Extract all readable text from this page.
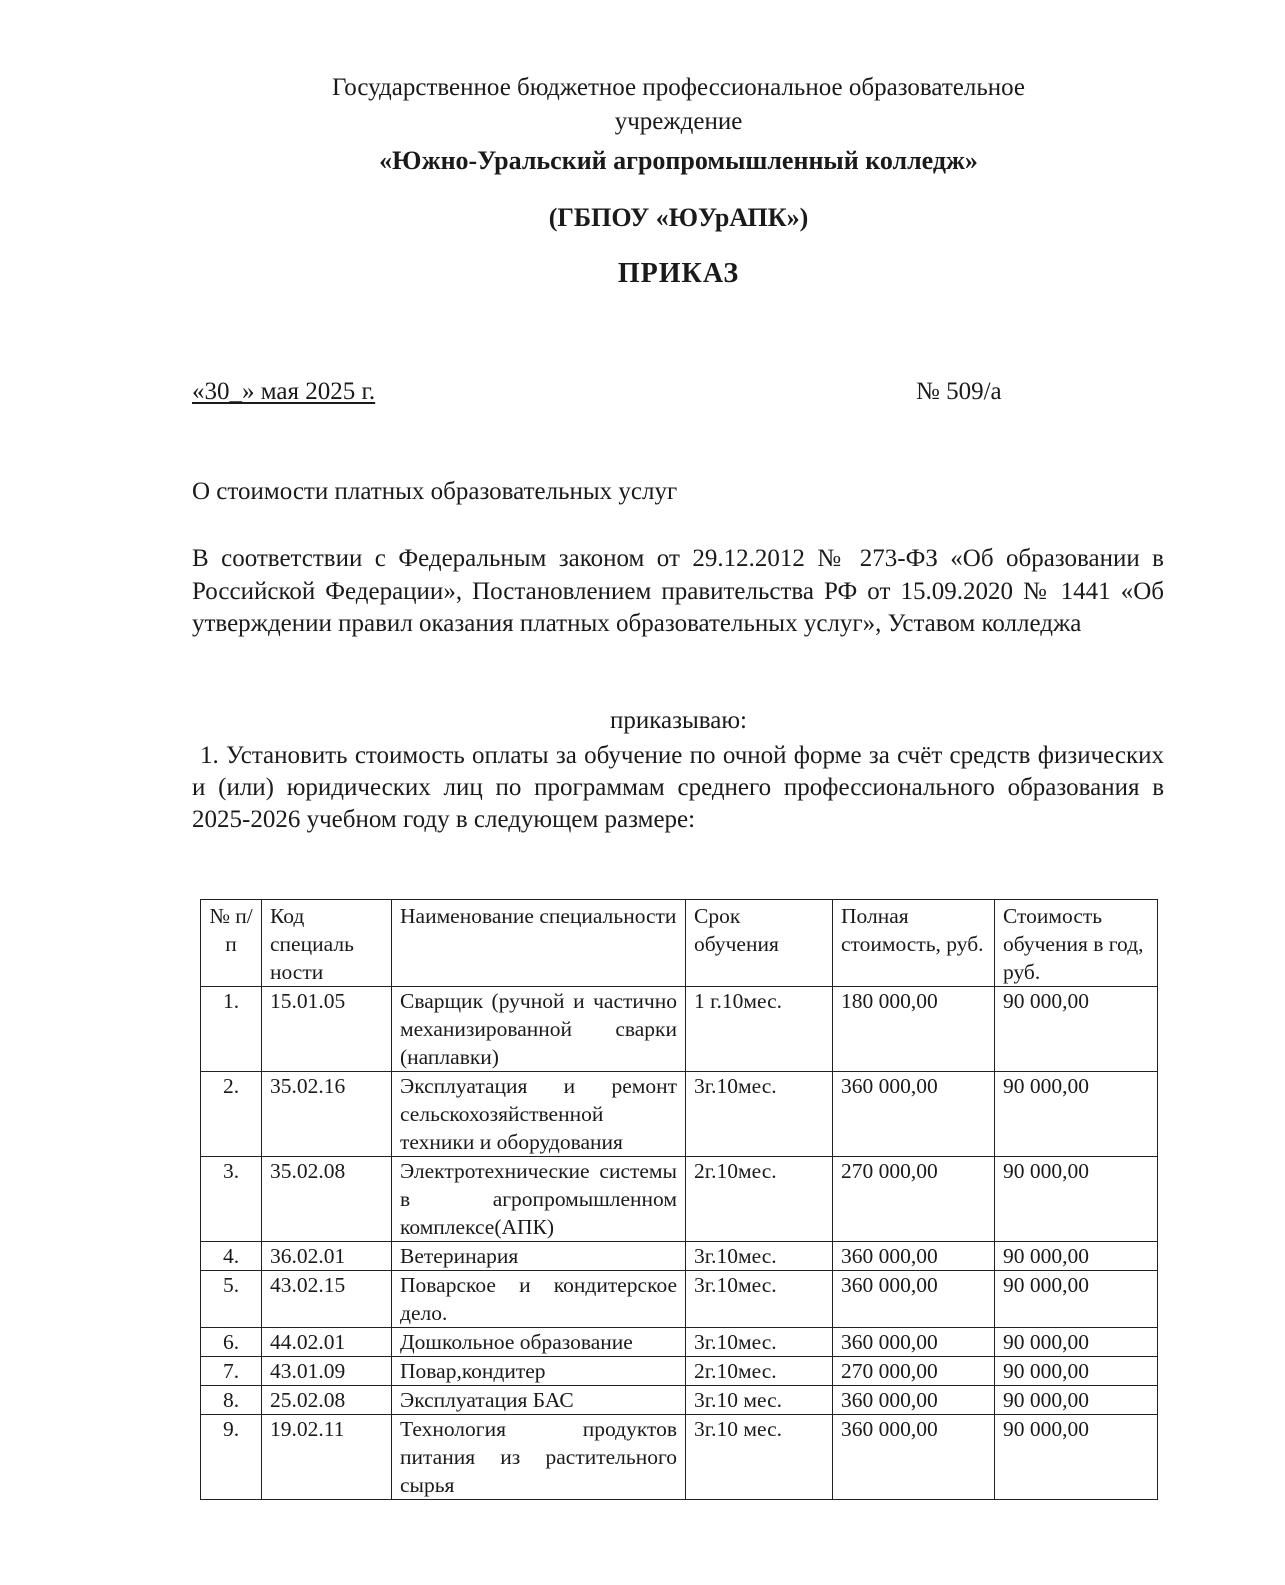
Государственное бюджетное профессиональное образовательное
учреждение
«Южно-Уральский агропромышленный колледж»
(ГБПОУ «ЮУрАПК»)
ПРИКАЗ
«30_» мая 2025 г.	№ 509/а
О стоимости платных образовательных услуг
В соответствии с Федеральным законом от 29.12.2012 № 273-ФЗ «Об образовании в Российской Федерации», Постановлением правительства РФ от 15.09.2020 № 1441 «Об утверждении правил оказания платных образовательных услуг», Уставом колледжа
приказываю:
1. Установить стоимость оплаты за обучение по очной форме за счёт средств физических и (или) юридических лиц по программам среднего профессионального образования в 2025-2026 учебном году в следующем размере:
№ п/п	Код специаль ности	Наименование специальности	Срок обучения	Полная стоимость, руб.	Стоимость обучения в год, руб.
1.	15.01.05	Сварщик (ручной и частично механизированной сварки (наплавки)	1 г.10мес.	180 000,00	90 000,00
2.	35.02.16	Эксплуатация и ремонт сельскохозяйственной техники и оборудования	3г.10мес.	360 000,00	90 000,00
3.	35.02.08	Электротехнические системы в агропромышленном комплексе(АПК)	2г.10мес.	270 000,00	90 000,00
4.	36.02.01	Ветеринария	3г.10мес.	360 000,00	90 000,00
5.	43.02.15	Поварское и кондитерское дело.	3г.10мес.	360 000,00	90 000,00
6.	44.02.01	Дошкольное образование	3г.10мес.	360 000,00	90 000,00
7.	43.01.09	Повар,кондитер	2г.10мес.	270 000,00	90 000,00
8.	25.02.08	Эксплуатация БАС	3г.10 мес.	360 000,00	90 000,00
9.	19.02.11	Технология продуктов питания из растительного сырья	3г.10 мес.	360 000,00	90 000,00
